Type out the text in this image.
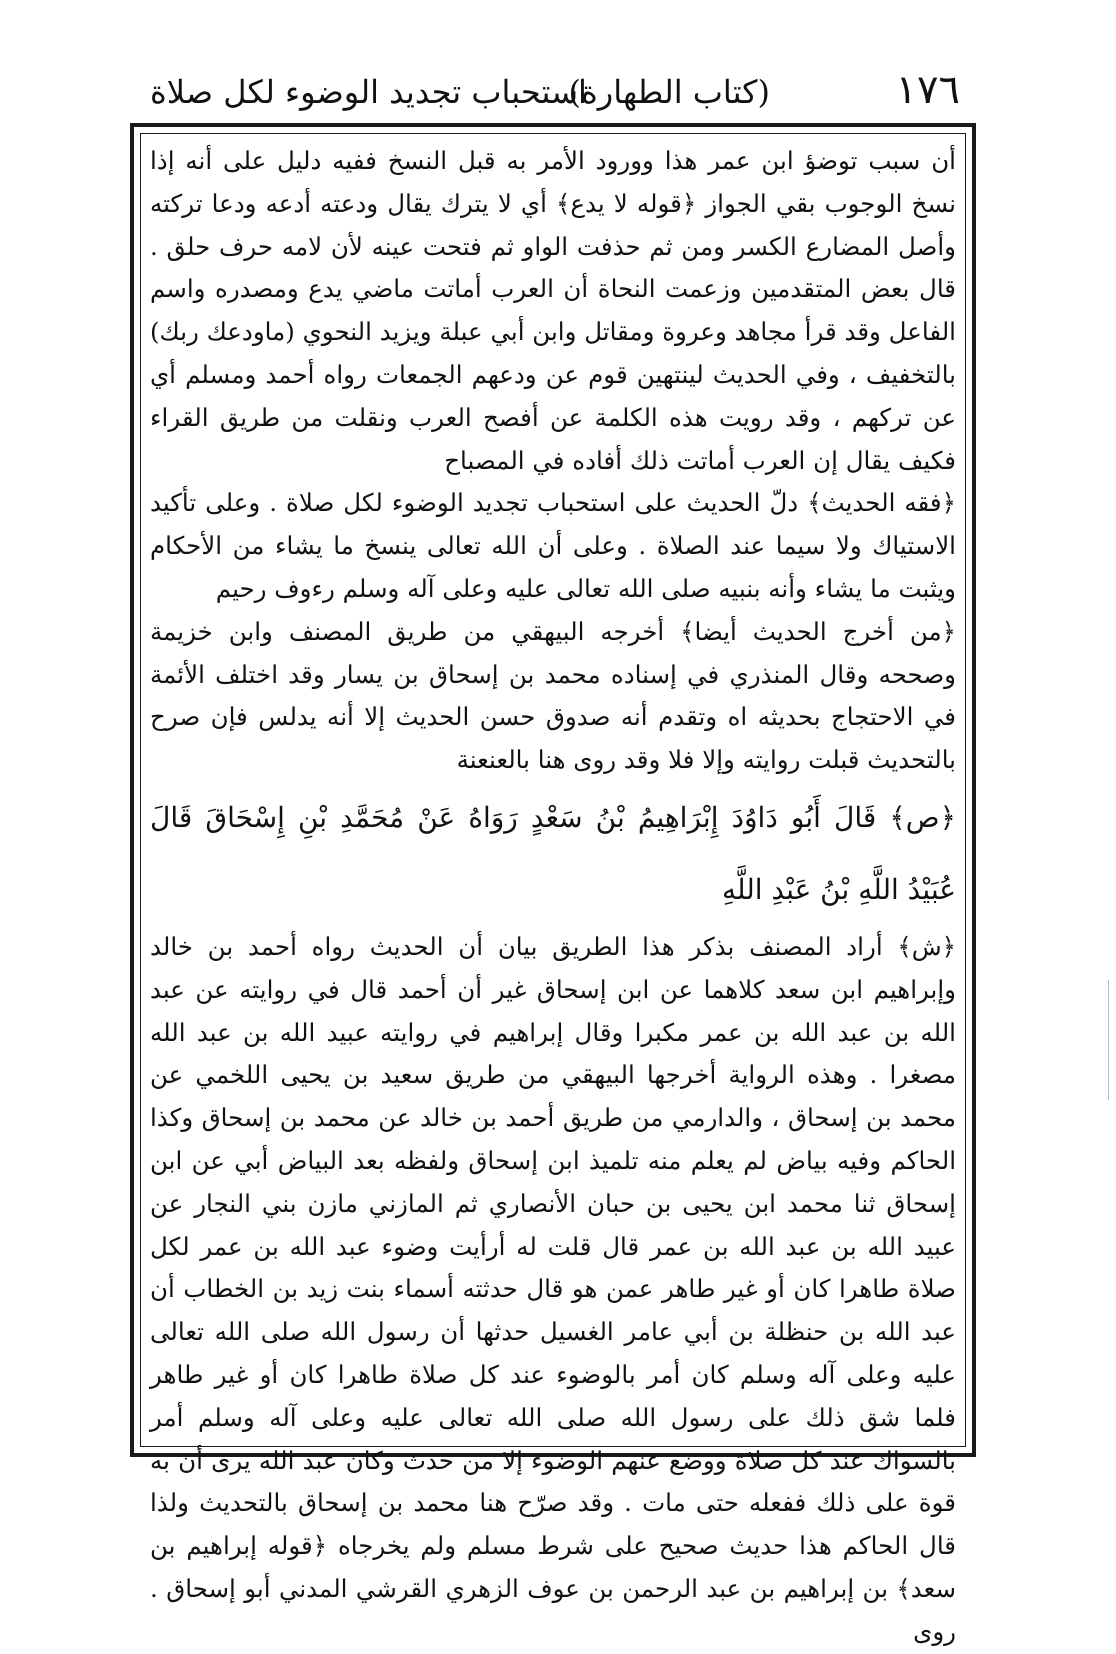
١٧٦
(كتاب الطهارة)
استحباب تجديد الوضوء لكل صلاة

أن سبب توضؤ ابن عمر هذا وورود الأمر به قبل النسخ ففيه دليل على أنه إذا نسخ الوجوب بقي الجواز ﴿قوله لا يدع﴾ أي لا يترك يقال ودعته أدعه ودعا تركته وأصل المضارع الكسر ومن ثم حذفت الواو ثم فتحت عينه لأن لامه حرف حلق . قال بعض المتقدمين وزعمت النحاة أن العرب أماتت ماضي يدع ومصدره واسم الفاعل وقد قرأ مجاهد وعروة ومقاتل وابن أبي عبلة ويزيد النحوي (ماودعك ربك) بالتخفيف ، وفي الحديث لينتهين قوم عن ودعهم الجمعات رواه أحمد ومسلم أي عن تركهم ، وقد رويت هذه الكلمة عن أفصح العرب ونقلت من طريق القراء فكيف يقال إن العرب أماتت ذلك أفاده في المصباح

﴿فقه الحديث﴾ دلّ الحديث على استحباب تجديد الوضوء لكل صلاة . وعلى تأكيد الاستياك ولا سيما عند الصلاة . وعلى أن الله تعالى ينسخ ما يشاء من الأحكام ويثبت ما يشاء وأنه بنبيه صلى الله تعالى عليه وعلى آله وسلم رءوف رحيم

﴿من أخرج الحديث أيضا﴾ أخرجه البيهقي من طريق المصنف وابن خزيمة وصححه وقال المنذري في إسناده محمد بن إسحاق بن يسار وقد اختلف الأئمة في الاحتجاج بحديثه اه وتقدم أنه صدوق حسن الحديث إلا أنه يدلس فإن صرح بالتحديث قبلت روايته وإلا فلا وقد روى هنا بالعنعنة

﴿ص﴾ قَالَ أَبُو دَاوُدَ إِبْرَاهِيمُ بْنُ سَعْدٍ رَوَاهُ عَنْ مُحَمَّدِ بْنِ إِسْحَاقَ قَالَ عُبَيْدُ اللَّهِ بْنُ عَبْدِ اللَّهِ

﴿ش﴾ أراد المصنف بذكر هذا الطريق بيان أن الحديث رواه أحمد بن خالد وإبراهيم ابن سعد كلاهما عن ابن إسحاق غير أن أحمد قال في روايته عن عبد الله بن عبد الله بن عمر مكبرا وقال إبراهيم في روايته عبيد الله بن عبد الله مصغرا . وهذه الرواية أخرجها البيهقي من طريق سعيد بن يحيى اللخمي عن محمد بن إسحاق ، والدارمي من طريق أحمد بن خالد عن محمد بن إسحاق وكذا الحاكم وفيه بياض لم يعلم منه تلميذ ابن إسحاق ولفظه بعد البياض أبي عن ابن إسحاق ثنا محمد ابن يحيى بن حبان الأنصاري ثم المازني مازن بني النجار عن عبيد الله بن عبد الله بن عمر قال قلت له أرأيت وضوء عبد الله بن عمر لكل صلاة طاهرا كان أو غير طاهر عمن هو قال حدثته أسماء بنت زيد بن الخطاب أن عبد الله بن حنظلة بن أبي عامر الغسيل حدثها أن رسول الله صلى الله تعالى عليه وعلى آله وسلم كان أمر بالوضوء عند كل صلاة طاهرا كان أو غير طاهر فلما شق ذلك على رسول الله صلى الله تعالى عليه وعلى آله وسلم أمر بالسواك عند كل صلاة ووضع عنهم الوضوء إلا من حدث وكان عبد الله يرى أن به قوة على ذلك ففعله حتى مات . وقد صرّح هنا محمد بن إسحاق بالتحديث ولذا قال الحاكم هذا حديث صحيح على شرط مسلم ولم يخرجاه ﴿قوله إبراهيم بن سعد﴾ بن إبراهيم بن عبد الرحمن بن عوف الزهري القرشي المدني أبو إسحاق . روى
